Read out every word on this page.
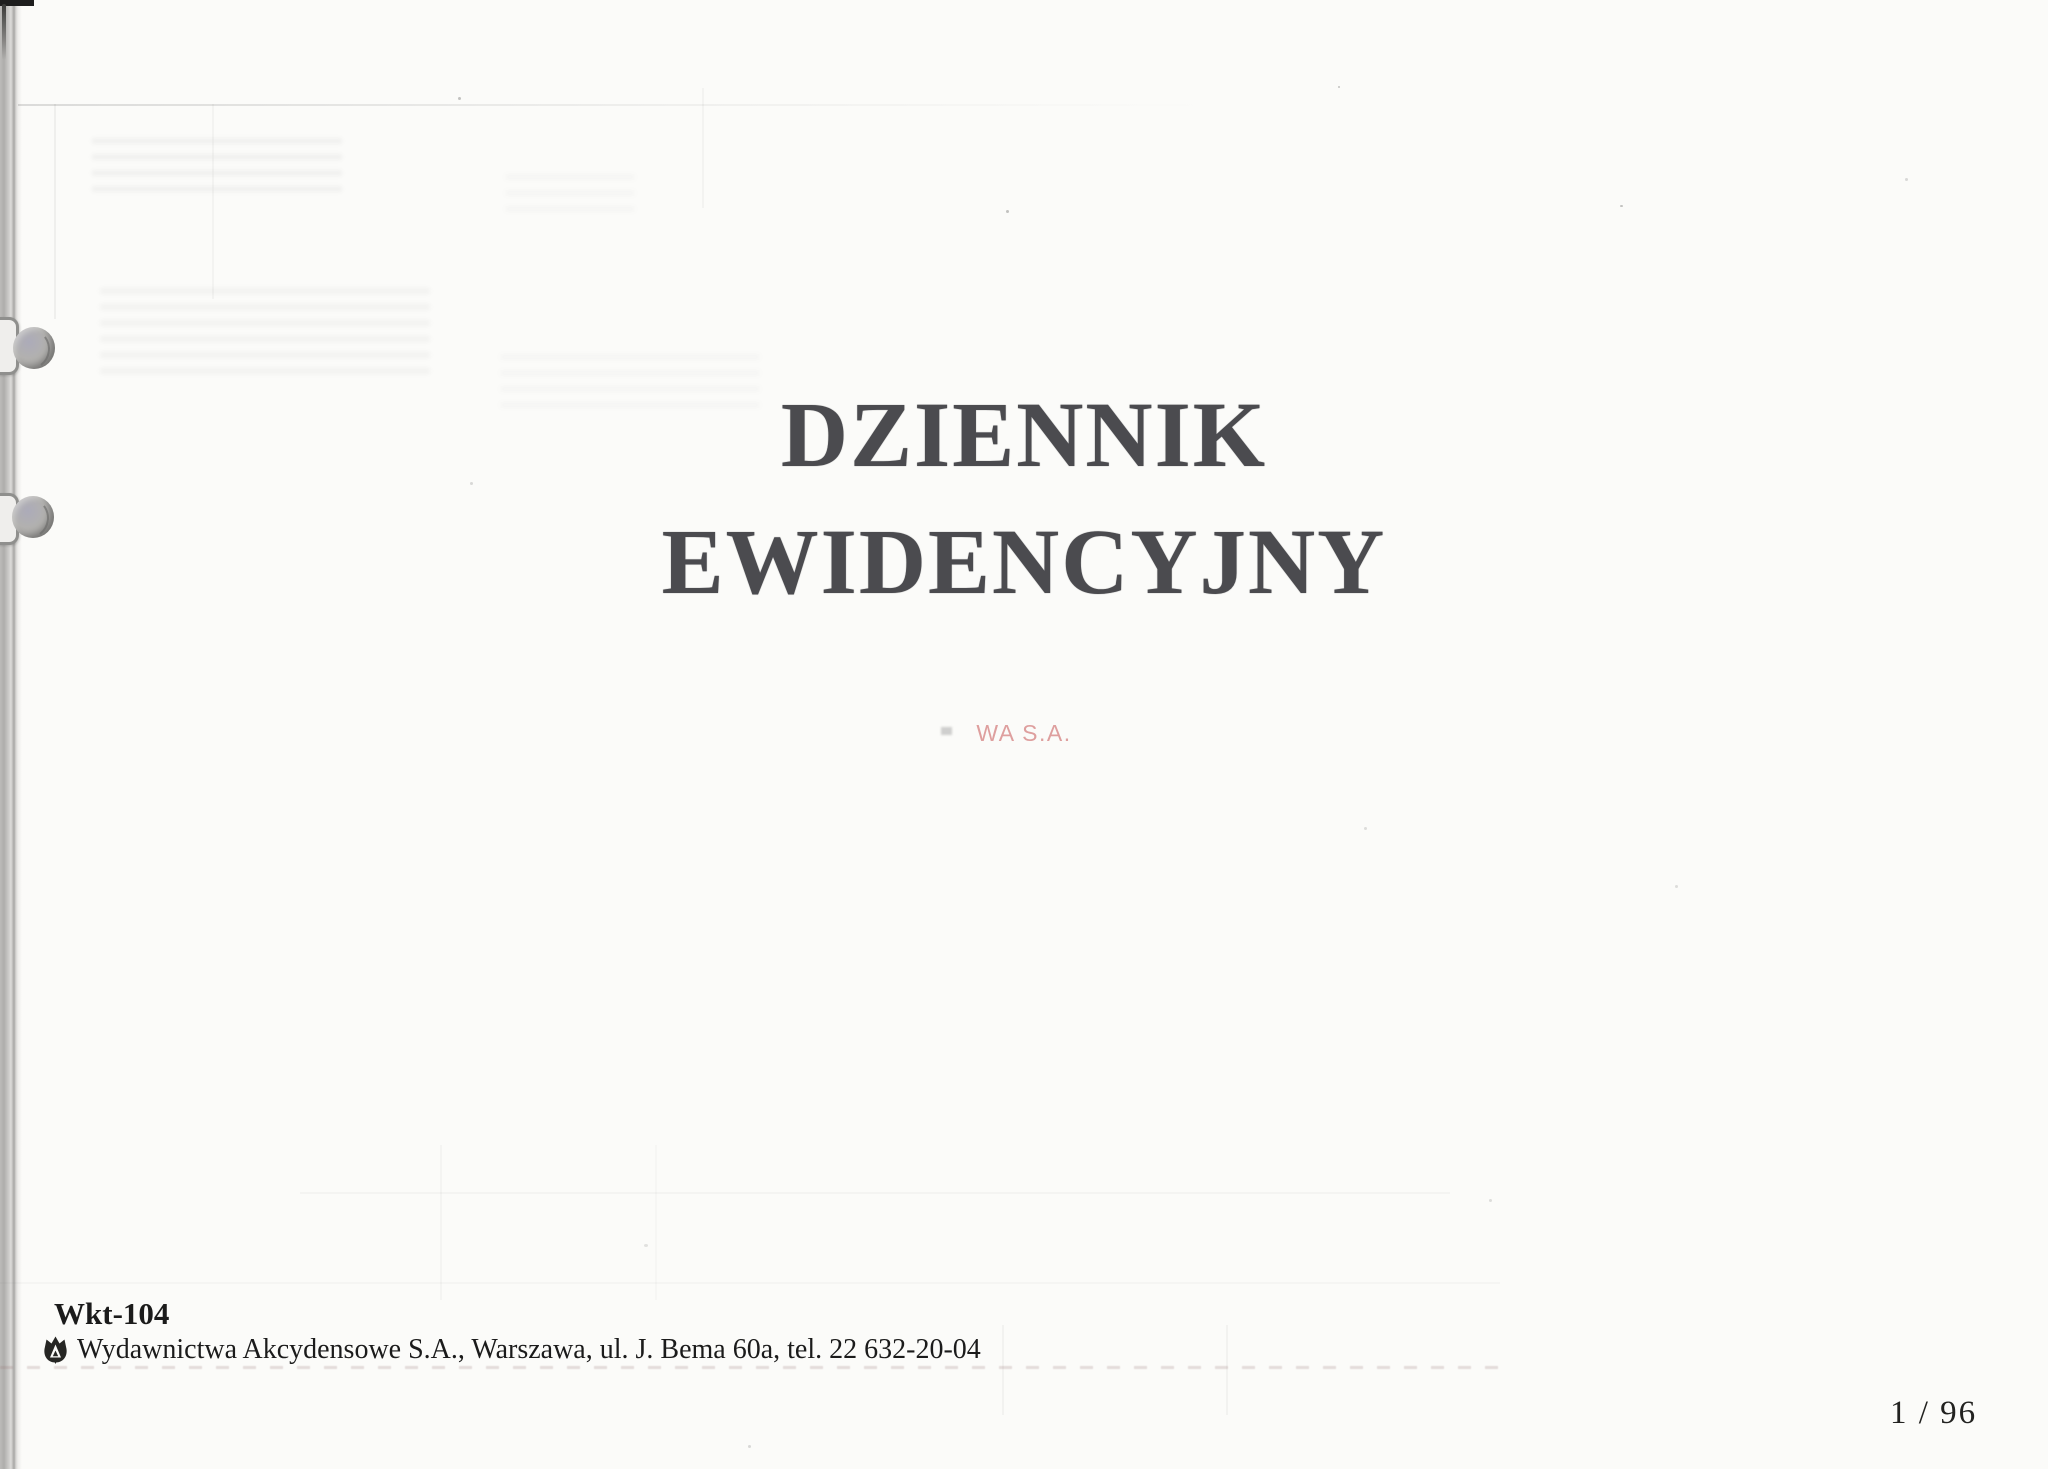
DZIENNIK
EWIDENCYJNY
WA S.A.
Wkt-104
Wydawnictwa Akcydensowe S.A., Warszawa, ul. J. Bema 60a, tel. 22 632-20-04
1 / 96
